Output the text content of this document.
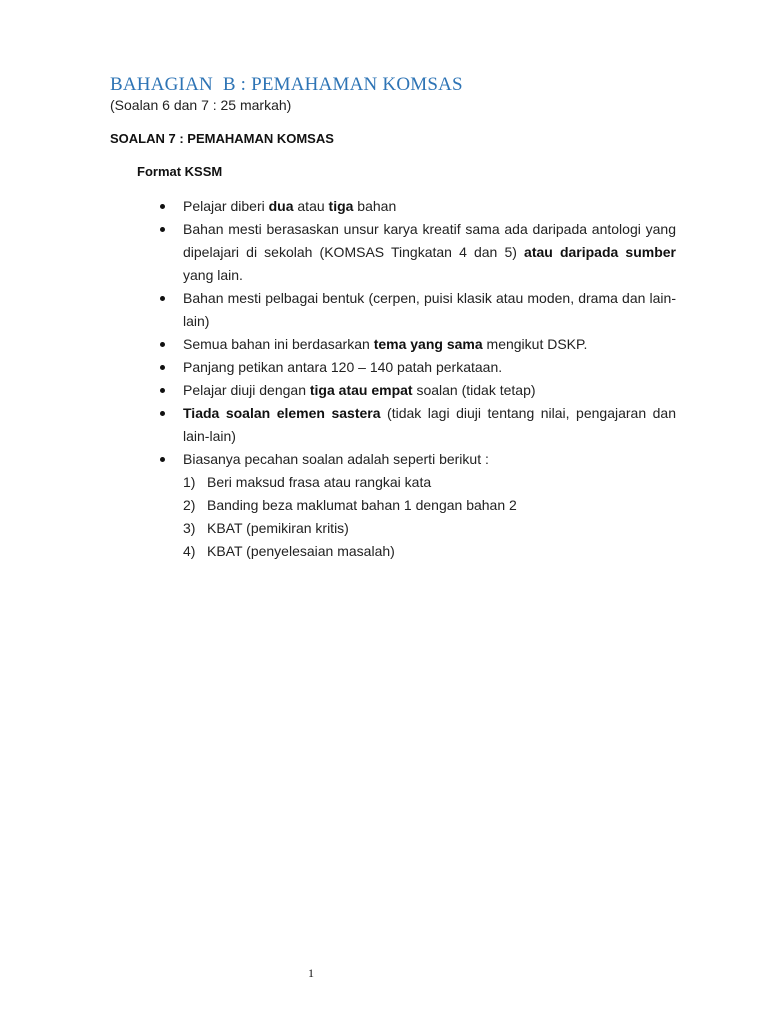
BAHAGIAN  B : PEMAHAMAN KOMSAS
(Soalan 6 dan 7 : 25 markah)
SOALAN 7 : PEMAHAMAN KOMSAS
Format KSSM
Pelajar diberi dua atau tiga bahan
Bahan mesti berasaskan unsur karya kreatif sama ada daripada antologi yang dipelajari di sekolah (KOMSAS Tingkatan 4 dan 5) atau daripada sumber yang lain.
Bahan mesti pelbagai bentuk (cerpen, puisi klasik atau moden, drama dan lain-lain)
Semua bahan ini berdasarkan tema yang sama mengikut DSKP.
Panjang petikan antara 120 – 140 patah perkataan.
Pelajar diuji dengan tiga atau empat soalan (tidak tetap)
Tiada soalan elemen sastera (tidak lagi diuji tentang nilai, pengajaran dan lain-lain)
Biasanya pecahan soalan adalah seperti berikut :
1) Beri maksud frasa atau rangkai kata
2) Banding beza maklumat bahan 1 dengan bahan 2
3) KBAT (pemikiran kritis)
4) KBAT (penyelesaian masalah)
1
